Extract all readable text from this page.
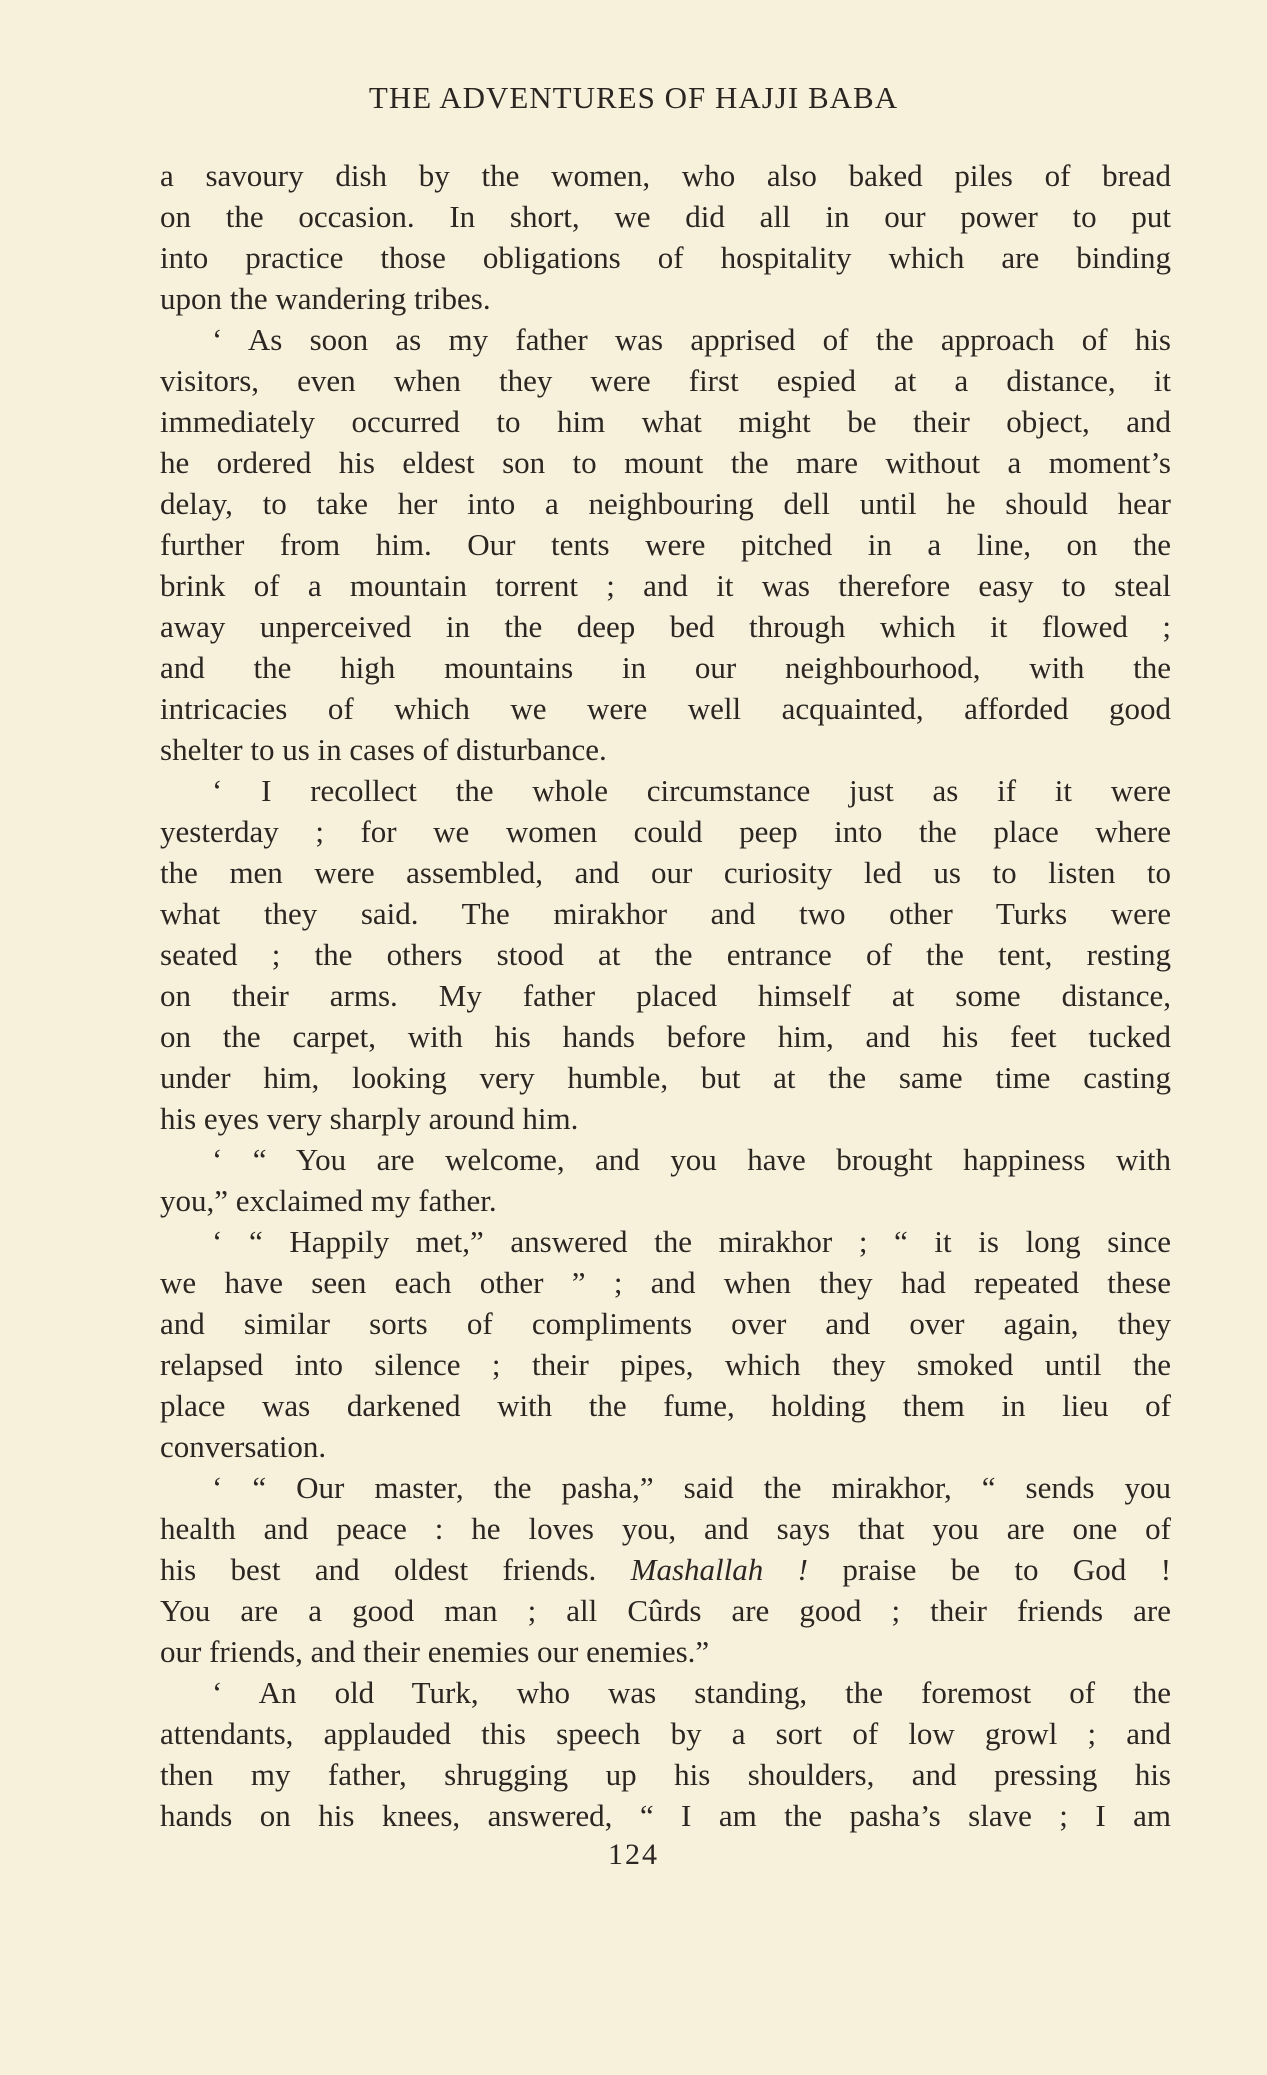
THE ADVENTURES OF HAJJI BABA
a savoury dish by the women, who also baked piles of bread
on the occasion. In short, we did all in our power to put
into practice those obligations of hospitality which are binding
upon the wandering tribes.
‘ As soon as my father was apprised of the approach of his
visitors, even when they were first espied at a distance, it
immediately occurred to him what might be their object, and
he ordered his eldest son to mount the mare without a moment’s
delay, to take her into a neighbouring dell until he should hear
further from him. Our tents were pitched in a line, on the
brink of a mountain torrent ; and it was therefore easy to steal
away unperceived in the deep bed through which it flowed ;
and the high mountains in our neighbourhood, with the
intricacies of which we were well acquainted, afforded good
shelter to us in cases of disturbance.
‘ I recollect the whole circumstance just as if it were
yesterday ; for we women could peep into the place where
the men were assembled, and our curiosity led us to listen to
what they said. The mirakhor and two other Turks were
seated ; the others stood at the entrance of the tent, resting
on their arms. My father placed himself at some distance,
on the carpet, with his hands before him, and his feet tucked
under him, looking very humble, but at the same time casting
his eyes very sharply around him.
‘ “ You are welcome, and you have brought happiness with
you,” exclaimed my father.
‘ “ Happily met,” answered the mirakhor ; “ it is long since
we have seen each other ” ; and when they had repeated these
and similar sorts of compliments over and over again, they
relapsed into silence ; their pipes, which they smoked until the
place was darkened with the fume, holding them in lieu of
conversation.
‘ “ Our master, the pasha,” said the mirakhor, “ sends you
health and peace : he loves you, and says that you are one of
his best and oldest friends. Mashallah ! praise be to God !
You are a good man ; all Cûrds are good ; their friends are
our friends, and their enemies our enemies.”
‘ An old Turk, who was standing, the foremost of the
attendants, applauded this speech by a sort of low growl ; and
then my father, shrugging up his shoulders, and pressing his
hands on his knees, answered, “ I am the pasha’s slave ; I am
124
